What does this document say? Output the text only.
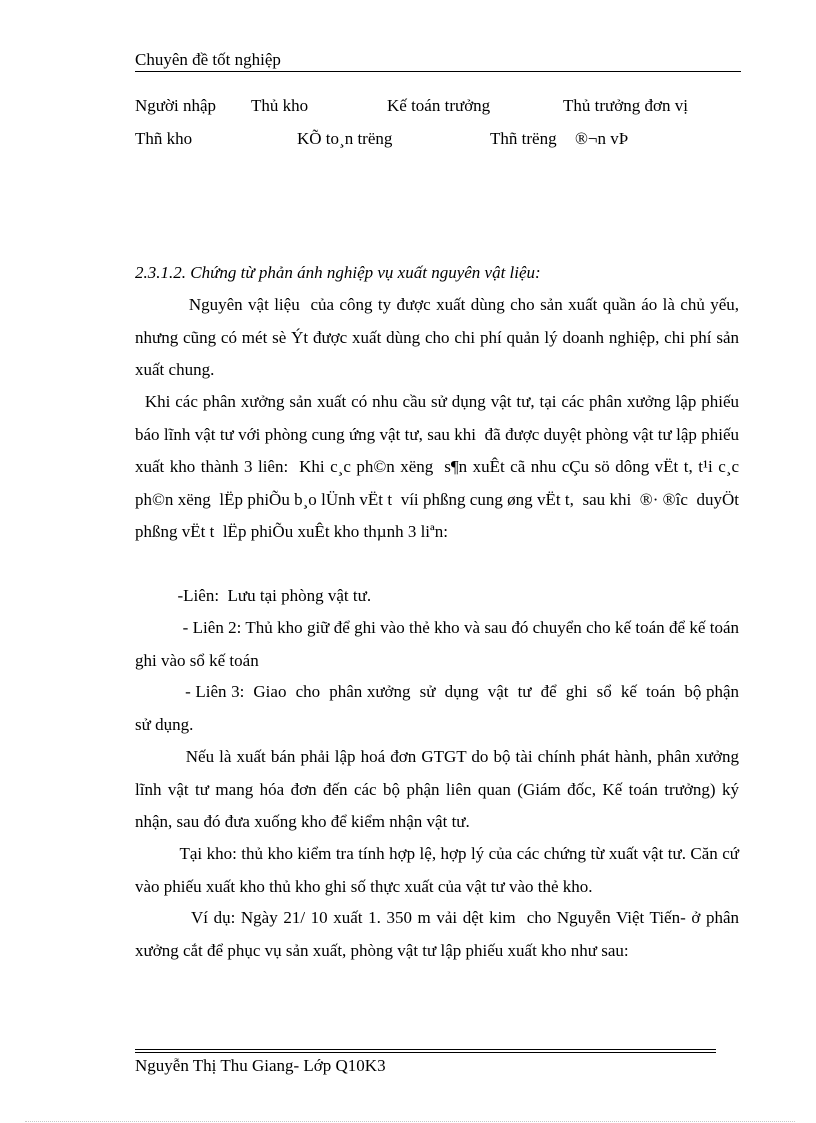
Chuyên đề tốt nghiệp
Người nhập Thủ kho	Kế toán trưởng	Thủ trưởng đơn vị
Thñ kho	KÕ to¸n trëng	Thñ trëng ®¬n vÞ
2.3.1.2. Chứng từ phản ánh nghiệp vụ xuất nguyên vật liệu:
Nguyên vật liệu  của công ty được xuất dùng cho sản xuất quần áo là chủ yếu, nhưng cũng có mét sè Ýt được xuất dùng cho chi phí quản lý doanh nghiệp, chi phí sản xuất chung.
Khi các phân xưởng sản xuất có nhu cầu sử dụng vật tư, tại các phân xưởng lập phiếu báo lĩnh vật tư với phòng cung ứng vật tư, sau khi  đã được duyệt phòng vật tư lập phiếu xuất kho thành 3 liên:  Khi c¸c ph©n xëng  s¶n xuÊt cã nhu cÇu sö dông vËt t, t¹i c¸c ph©n xëng  lËp phiÕu b¸o lÜnh vËt t  víi phßng cung øng vËt t,  sau khi  ®· ®îc  duyÖt phßng vËt t  lËp phiÕu xuÊt kho thµnh 3 liªn:
-Liên:  Lưu tại phòng vật tư.
- Liên 2: Thủ kho giữ để ghi vào thẻ kho và sau đó chuyển cho kế toán để kế toán ghi vào sổ kế toán
- Liên 3:  Giao  cho  phân xưởng  sử  dụng  vật  tư  để  ghi  sổ  kế  toán  bộ phận sử dụng.
Nếu là xuất bán phải lập hoá đơn GTGT do bộ tài chính phát hành, phân xưởng lĩnh vật tư mang hóa đơn đến các bộ phận liên quan (Giám đốc, Kế toán trưởng) ký nhận, sau đó đưa xuống kho để kiểm nhận vật tư.
Tại kho: thủ kho kiểm tra tính hợp lệ, hợp lý của các chứng từ xuất vật tư. Căn cứ vào phiếu xuất kho thủ kho ghi số thực xuất của vật tư vào thẻ kho.
Ví dụ: Ngày 21/ 10 xuất 1. 350 m vải dệt kim  cho Nguyễn Việt Tiến- ở phân xưởng cắt để phục vụ sản xuất, phòng vật tư lập phiếu xuất kho như sau:
Nguyễn Thị Thu Giang- Lớp Q10K3
